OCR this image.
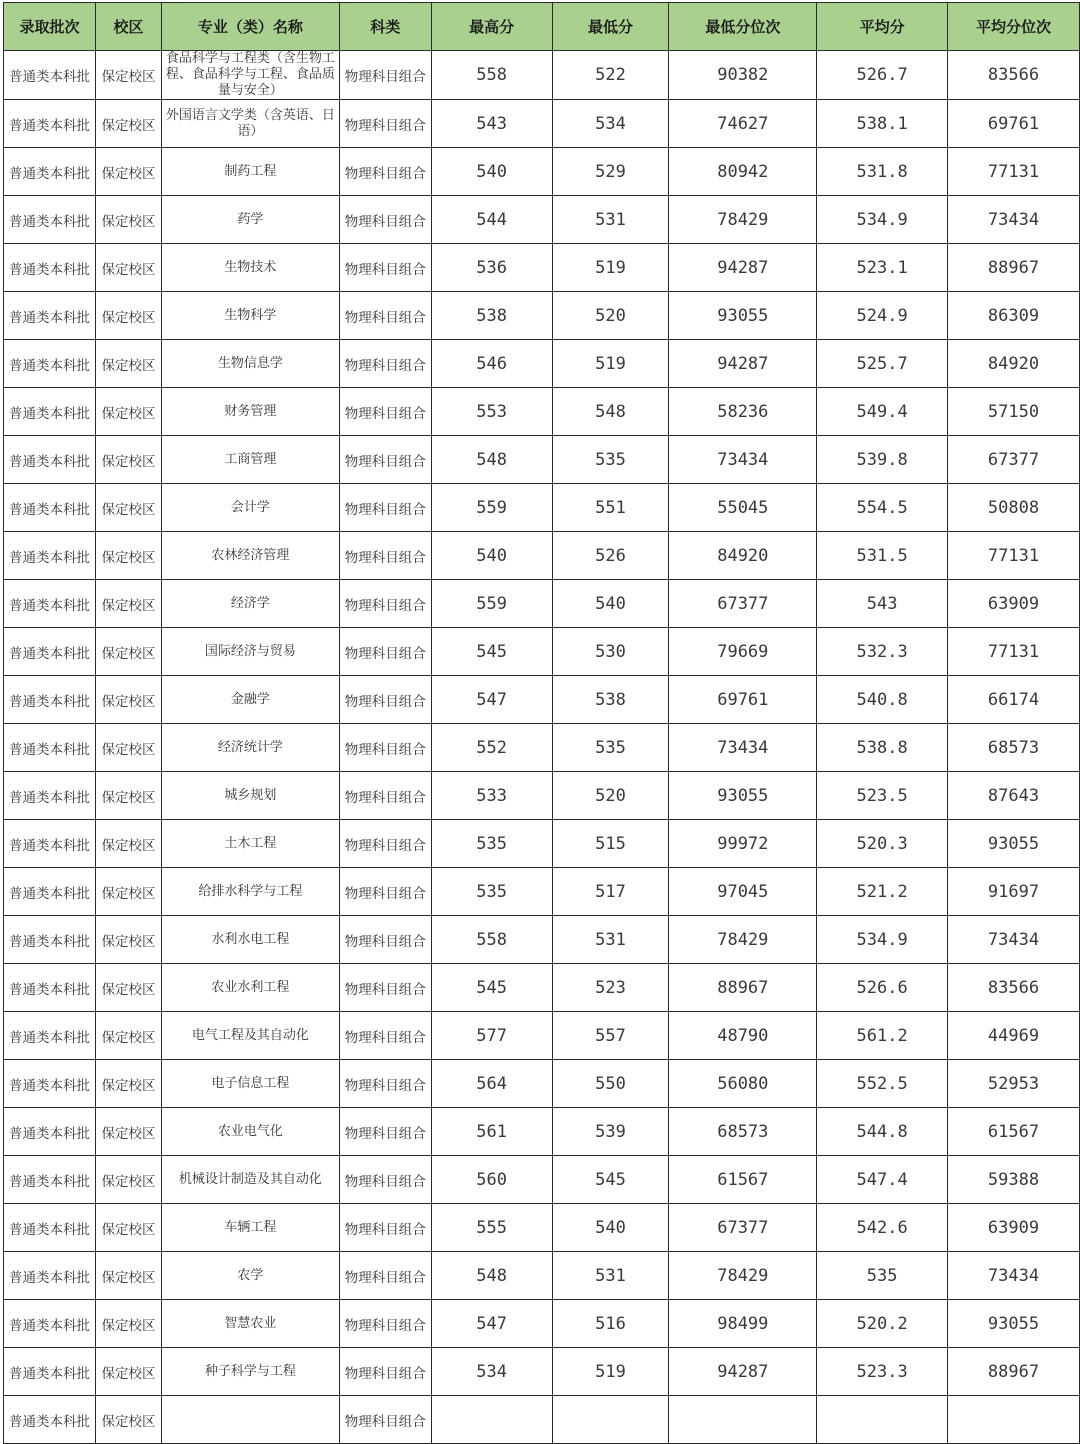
录取批次	校区	专业（类）名称	科类	最高分	最低分	最低分位次	平均分	平均分位次
普通类本科批	保定校区	食品科学与工程类（含生物工程、食品科学与工程、食品质量与安全）	物理科目组合	558	522	90382	526.7	83566
普通类本科批	保定校区	外国语言文学类（含英语、日语）	物理科目组合	543	534	74627	538.1	69761
普通类本科批	保定校区	制药工程	物理科目组合	540	529	80942	531.8	77131
普通类本科批	保定校区	药学	物理科目组合	544	531	78429	534.9	73434
普通类本科批	保定校区	生物技术	物理科目组合	536	519	94287	523.1	88967
普通类本科批	保定校区	生物科学	物理科目组合	538	520	93055	524.9	86309
普通类本科批	保定校区	生物信息学	物理科目组合	546	519	94287	525.7	84920
普通类本科批	保定校区	财务管理	物理科目组合	553	548	58236	549.4	57150
普通类本科批	保定校区	工商管理	物理科目组合	548	535	73434	539.8	67377
普通类本科批	保定校区	会计学	物理科目组合	559	551	55045	554.5	50808
普通类本科批	保定校区	农林经济管理	物理科目组合	540	526	84920	531.5	77131
普通类本科批	保定校区	经济学	物理科目组合	559	540	67377	543	63909
普通类本科批	保定校区	国际经济与贸易	物理科目组合	545	530	79669	532.3	77131
普通类本科批	保定校区	金融学	物理科目组合	547	538	69761	540.8	66174
普通类本科批	保定校区	经济统计学	物理科目组合	552	535	73434	538.8	68573
普通类本科批	保定校区	城乡规划	物理科目组合	533	520	93055	523.5	87643
普通类本科批	保定校区	土木工程	物理科目组合	535	515	99972	520.3	93055
普通类本科批	保定校区	给排水科学与工程	物理科目组合	535	517	97045	521.2	91697
普通类本科批	保定校区	水利水电工程	物理科目组合	558	531	78429	534.9	73434
普通类本科批	保定校区	农业水利工程	物理科目组合	545	523	88967	526.6	83566
普通类本科批	保定校区	电气工程及其自动化	物理科目组合	577	557	48790	561.2	44969
普通类本科批	保定校区	电子信息工程	物理科目组合	564	550	56080	552.5	52953
普通类本科批	保定校区	农业电气化	物理科目组合	561	539	68573	544.8	61567
普通类本科批	保定校区	机械设计制造及其自动化	物理科目组合	560	545	61567	547.4	59388
普通类本科批	保定校区	车辆工程	物理科目组合	555	540	67377	542.6	63909
普通类本科批	保定校区	农学	物理科目组合	548	531	78429	535	73434
普通类本科批	保定校区	智慧农业	物理科目组合	547	516	98499	520.2	93055
普通类本科批	保定校区	种子科学与工程	物理科目组合	534	519	94287	523.3	88967
普通类本科批	保定校区		物理科目组合					
